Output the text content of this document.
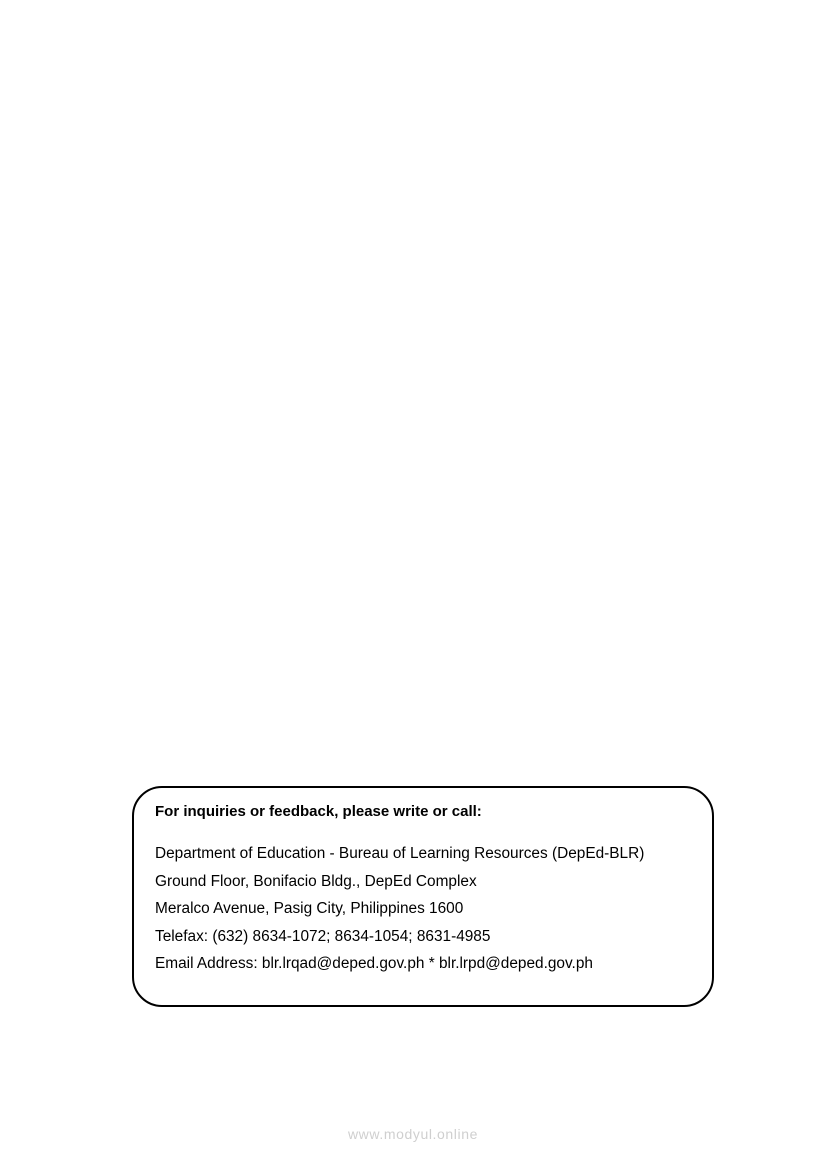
For inquiries or feedback, please write or call:
Department of Education - Bureau of Learning Resources (DepEd-BLR)
Ground Floor, Bonifacio Bldg., DepEd Complex
Meralco Avenue, Pasig City, Philippines 1600
Telefax: (632) 8634-1072; 8634-1054; 8631-4985
Email Address: blr.lrqad@deped.gov.ph * blr.lrpd@deped.gov.ph
www.modyul.online
